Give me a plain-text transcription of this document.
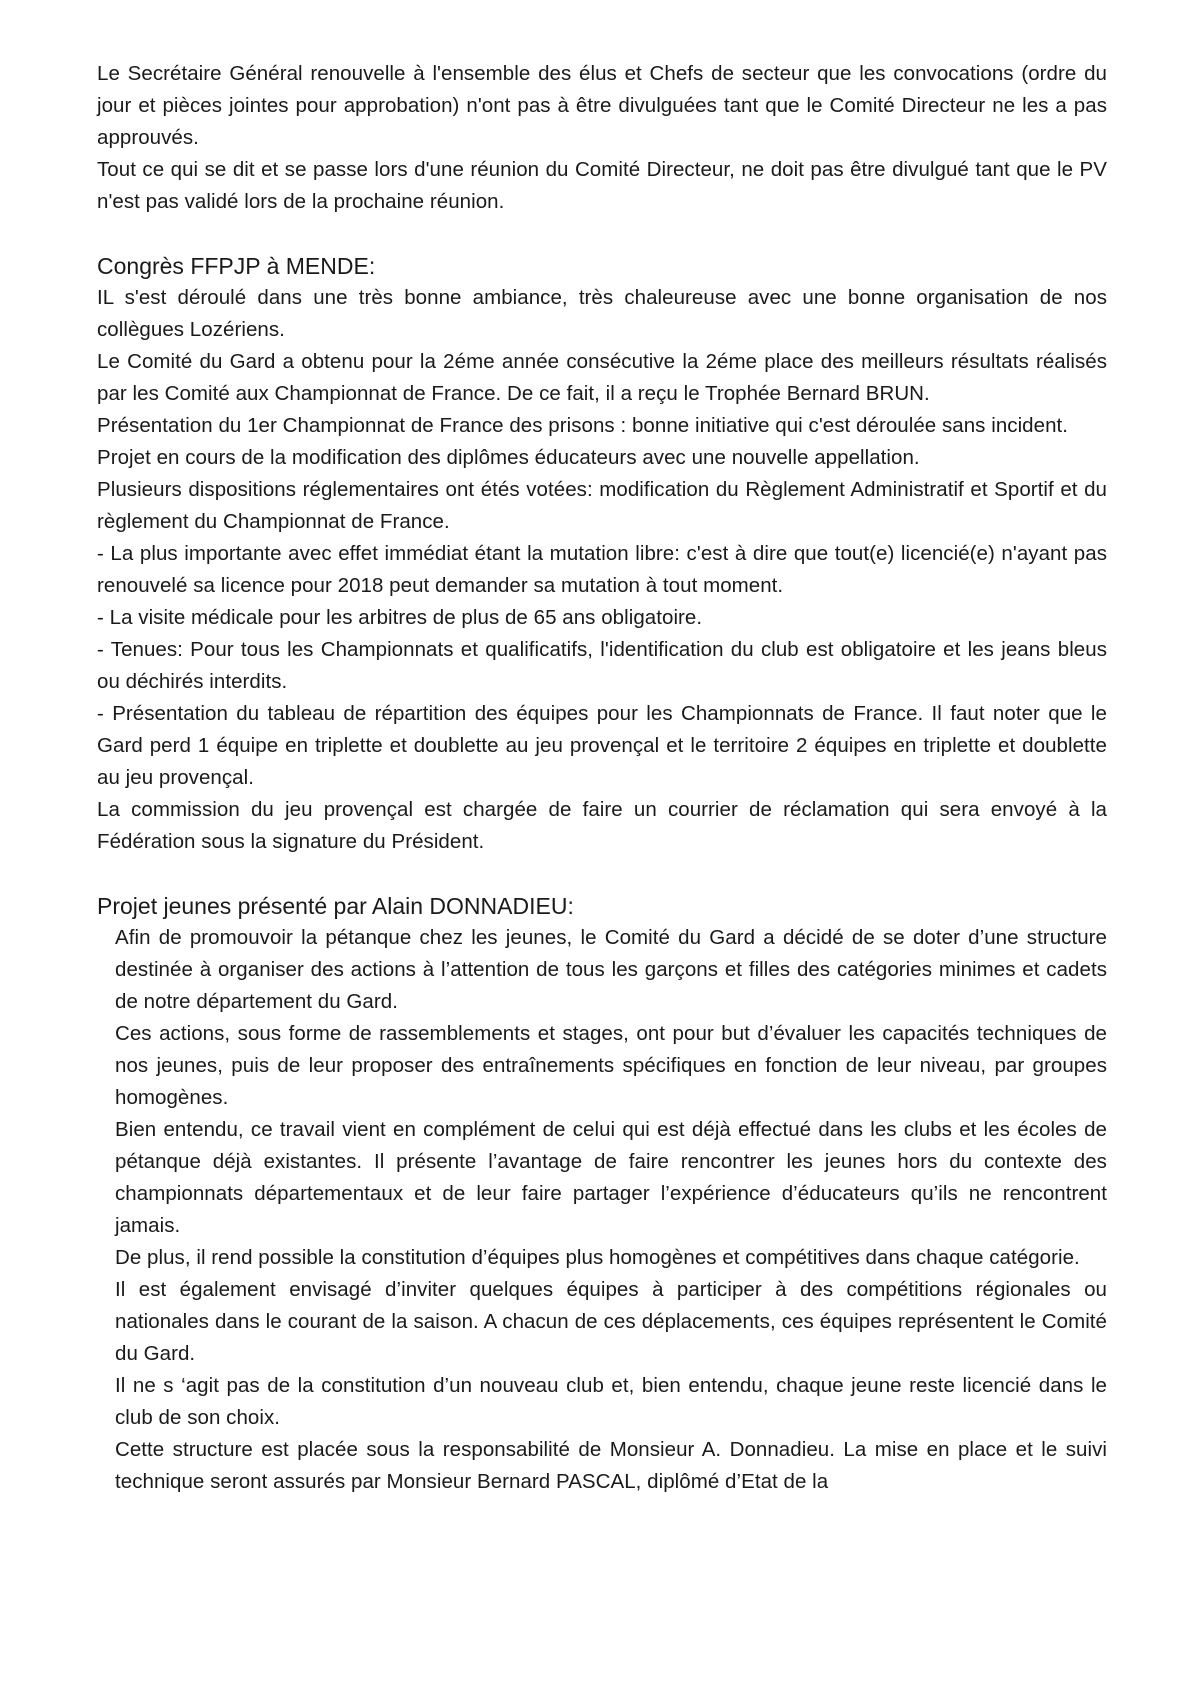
Le Secrétaire Général renouvelle à l'ensemble des élus et Chefs de secteur que les convocations (ordre du jour et pièces jointes pour approbation) n'ont pas à être divulguées tant que le Comité Directeur ne les a pas approuvés.

Tout ce qui se dit et se passe lors d'une réunion du Comité Directeur, ne doit pas être divulgué tant que le PV n'est pas validé lors de la prochaine réunion.

Congrès FFPJP à MENDE:

IL s'est déroulé dans une très bonne ambiance, très chaleureuse avec une bonne organisation de nos collègues Lozériens.

Le Comité du Gard a obtenu pour la 2éme année consécutive la 2éme place des meilleurs résultats réalisés par les Comité aux Championnat de France. De ce fait, il a reçu le Trophée Bernard BRUN.

Présentation du 1er Championnat de France des prisons : bonne initiative qui c'est déroulée sans incident.

Projet en cours de la modification des diplômes éducateurs avec une nouvelle appellation.

Plusieurs dispositions réglementaires ont étés votées: modification du Règlement Administratif et Sportif et du règlement du Championnat de France.

- La plus importante avec effet immédiat étant la mutation libre: c'est à dire que tout(e) licencié(e) n'ayant pas renouvelé sa licence pour 2018 peut demander sa mutation à tout moment.

- La visite médicale pour les arbitres de plus de 65 ans obligatoire.

- Tenues: Pour tous les Championnats et qualificatifs, l'identification du club est obligatoire et les jeans bleus ou déchirés interdits.

- Présentation du tableau de répartition des équipes pour les Championnats de France. Il faut noter que le Gard perd 1 équipe en triplette et doublette au jeu provençal et le territoire 2 équipes en triplette et doublette au jeu provençal.

La commission du jeu provençal est chargée de faire un courrier de réclamation qui sera envoyé à la Fédération sous la signature du Président.

Projet jeunes présenté par Alain DONNADIEU:

Afin de promouvoir la pétanque chez les jeunes, le Comité du Gard a décidé de se doter d’une structure destinée à organiser des actions à l’attention de tous les garçons et filles des catégories minimes et cadets de notre département du Gard.

Ces actions, sous forme de rassemblements et stages, ont pour but d’évaluer les capacités techniques de nos jeunes, puis de leur proposer des entraînements spécifiques en fonction de leur niveau, par groupes homogènes.

Bien entendu, ce travail vient en complément de celui qui est déjà effectué dans les clubs et les écoles de pétanque déjà existantes. Il présente l’avantage de faire rencontrer les jeunes hors du contexte des championnats départementaux et de leur faire partager l’expérience d’éducateurs qu’ils ne rencontrent jamais.

De plus, il rend possible la constitution d’équipes plus homogènes et compétitives dans chaque catégorie.

Il est également envisagé d’inviter quelques équipes à participer à des compétitions régionales ou nationales dans le courant de la saison. A chacun de ces déplacements, ces équipes représentent le Comité du Gard.

Il ne s ‘agit pas de la constitution d’un nouveau club et, bien entendu, chaque jeune reste licencié dans le club de son choix.

Cette structure est placée sous la responsabilité de Monsieur A. Donnadieu. La mise en place et le suivi technique seront assurés par Monsieur Bernard PASCAL, diplômé d’Etat de la
